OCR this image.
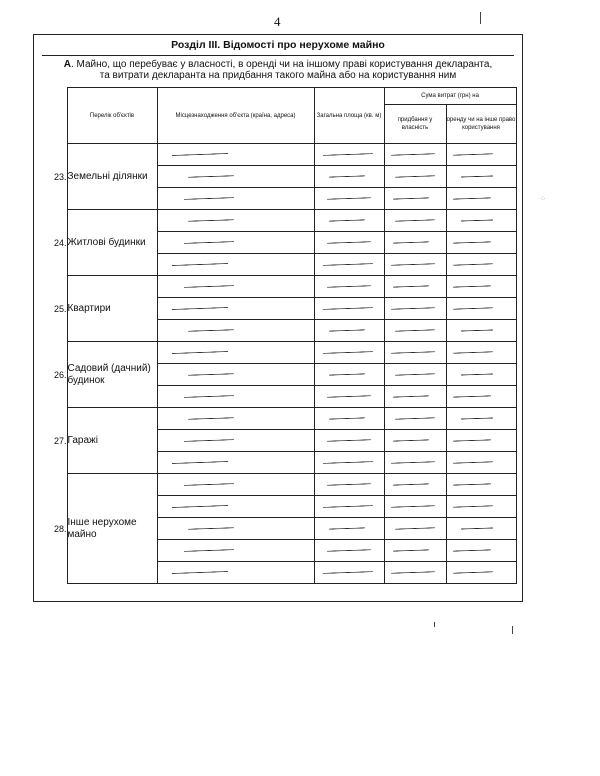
4
Розділ ІІІ. Відомості про нерухоме майно
А. Майно, що перебуває у власності, в оренді чи на іншому праві користування декларанта,
та витрати декларанта на придбання такого майна або на користування ним
	Перелік об'єктів	Місцезнаходження об'єкта (країна, адреса)	Загальна площа (кв. м)	Сума витрат (грн) на	
				придбання у власність	оренду чи на інше право користування
23.	Земельні ділянки	

24.	Житлові будинки	

25.	Квартири	

26.	Садовий (дачний) будинок	

27.	Гаражі	

28.	Інше нерухоме майно	

·:·
